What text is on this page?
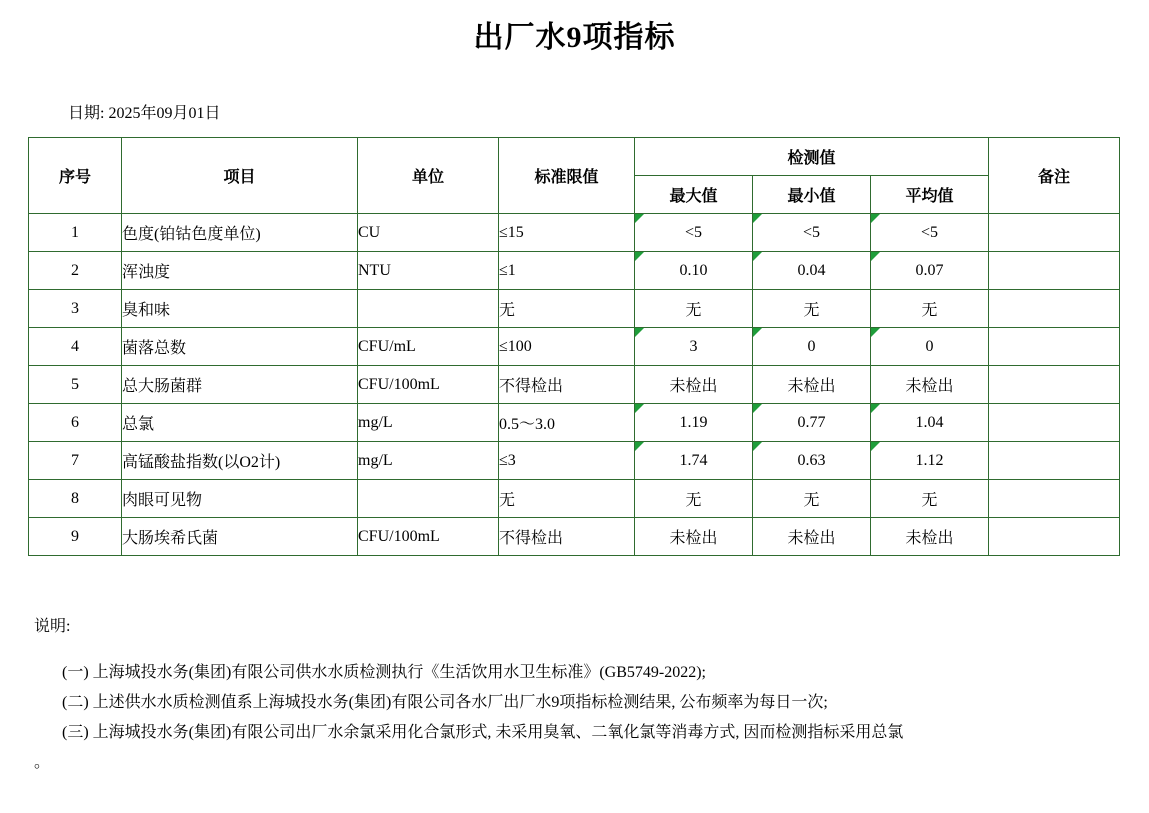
出厂水9项指标
日期: 2025年09月01日
序号	项目	单位	标准限值	检测值			备注
				最大值	最小值	平均值	
1	色度(铂钴色度单位)	CU	≤15	<5	<5	<5	
2	浑浊度	NTU	≤1	0.10	0.04	0.07	
3	臭和味		无	无	无	无	
4	菌落总数	CFU/mL	≤100	3	0	0	
5	总大肠菌群	CFU/100mL	不得检出	未检出	未检出	未检出	
6	总氯	mg/L	0.5～3.0	1.19	0.77	1.04	
7	高锰酸盐指数(以O2计)	mg/L	≤3	1.74	0.63	1.12	
8	肉眼可见物		无	无	无	无	
9	大肠埃希氏菌	CFU/100mL	不得检出	未检出	未检出	未检出	

说明:

(一) 上海城投水务(集团)有限公司供水水质检测执行《生活饮用水卫生标准》(GB5749-2022);

(二) 上述供水水质检测值系上海城投水务(集团)有限公司各水厂出厂水9项指标检测结果, 公布频率为每日一次;

(三) 上海城投水务(集团)有限公司出厂水余氯采用化合氯形式, 未采用臭氧、二氧化氯等消毒方式, 因而检测指标采用总氯

。
